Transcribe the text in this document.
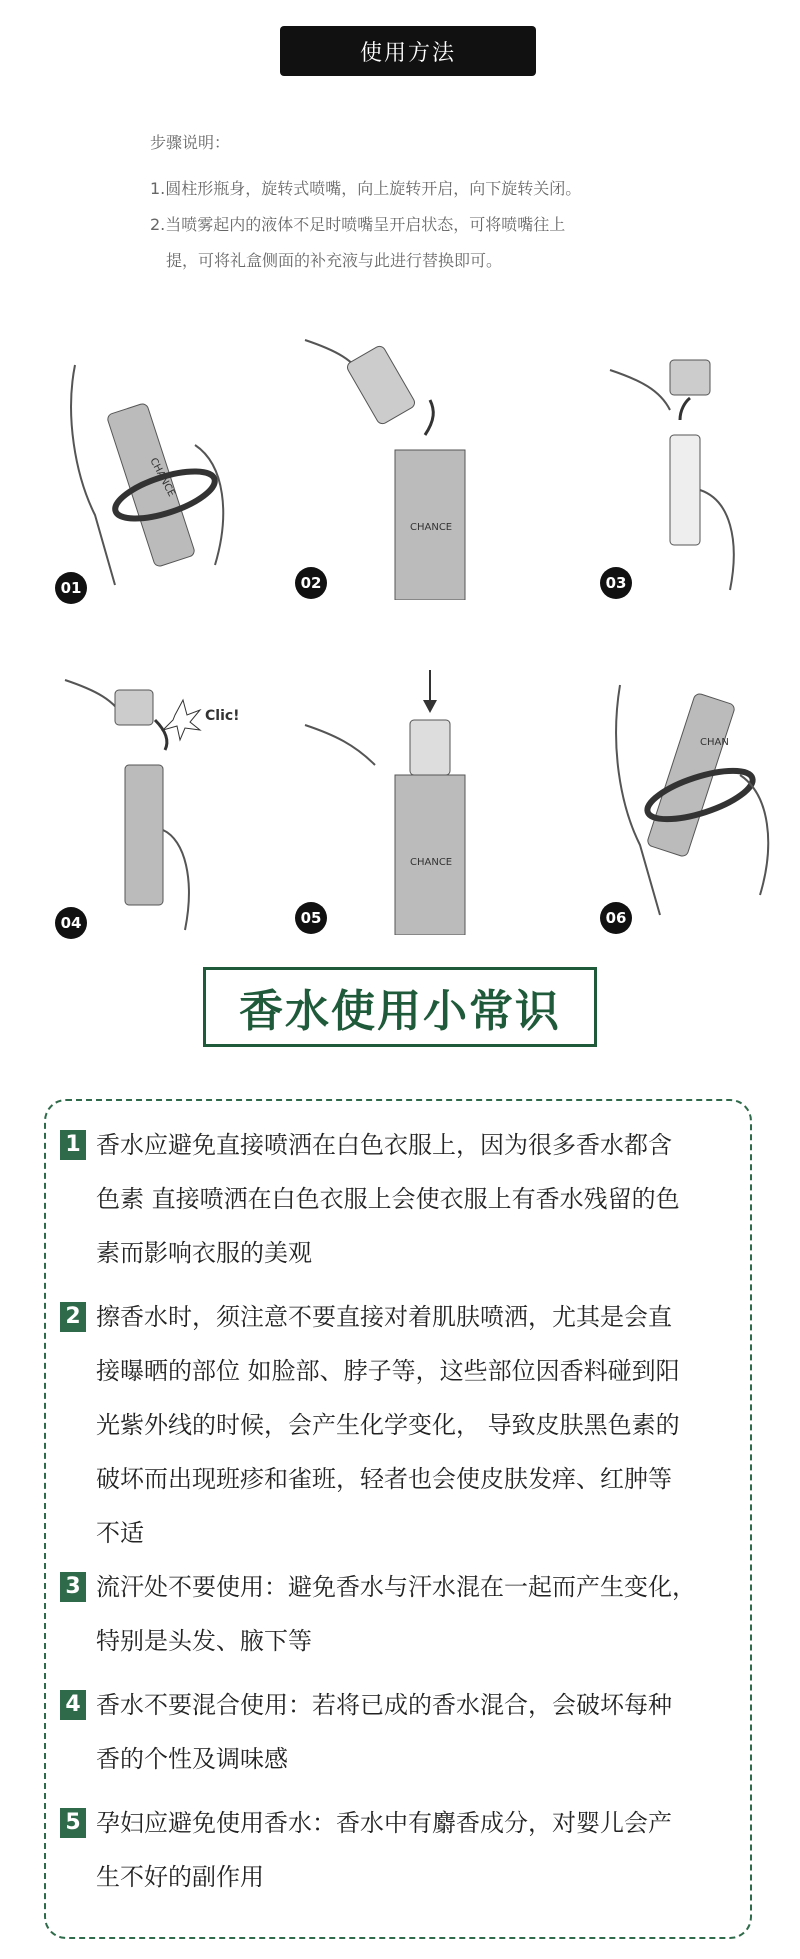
使用方法
步骤说明：
1.圆柱形瓶身，旋转式喷嘴，向上旋转开启，向下旋转关闭。
2.当喷雾起内的液体不足时喷嘴呈开启状态，可将喷嘴往上
提，可将礼盒侧面的补充液与此进行替换即可。
CHANCE
01
CHANCE
02	03
Clic!
04
CHANCE
05
CHAN
06
香水使用小常识
1 香水应避免直接喷洒在白色衣服上，因为很多香水都含
色素 直接喷洒在白色衣服上会使衣服上有香水残留的色
素而影响衣服的美观
2 擦香水时，须注意不要直接对着肌肤喷洒，尤其是会直
接曝晒的部位 如脸部、脖子等，这些部位因香料碰到阳
光紫外线的时候，会产生化学变化， 导致皮肤黑色素的
破坏而出现班疹和雀班，轻者也会使皮肤发痒、红肿等
不适
3 流汗处不要使用：避免香水与汗水混在一起而产生变化，
特别是头发、腋下等
4 香水不要混合使用：若将已成的香水混合，会破坏每种
香的个性及调味感
5 孕妇应避免使用香水：香水中有麝香成分，对婴儿会产
生不好的副作用
